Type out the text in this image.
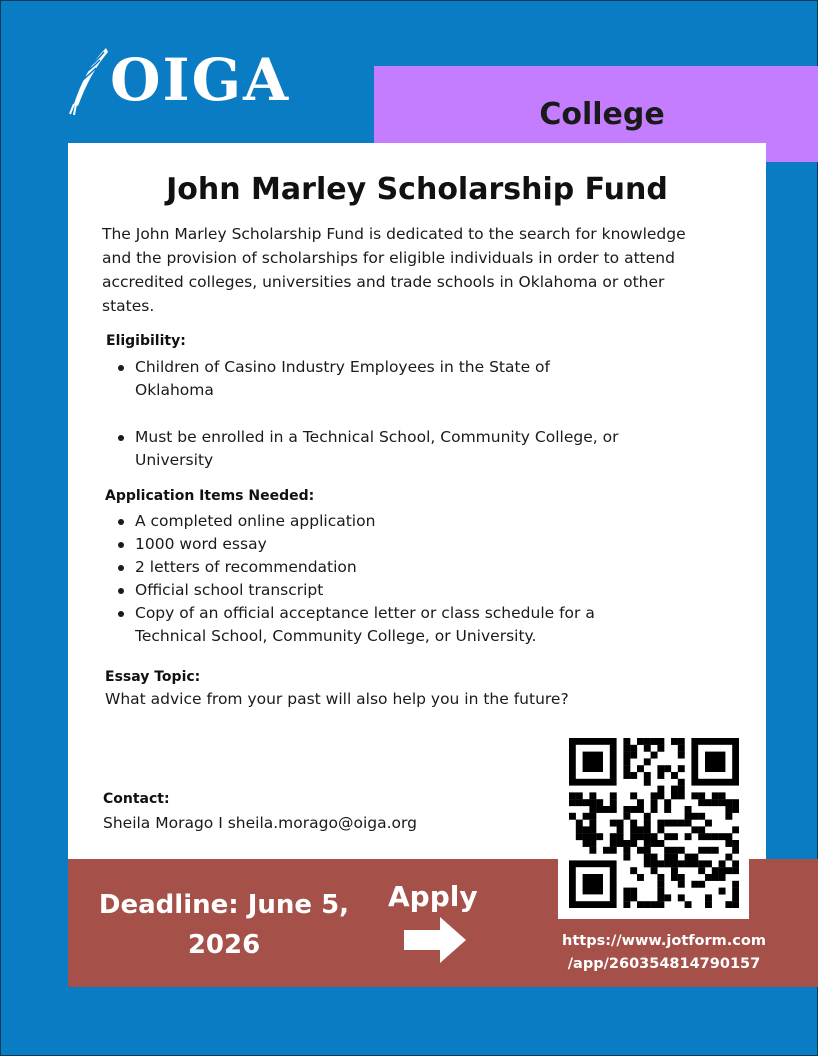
OIGA	College
John Marley Scholarship Fund
The John Marley Scholarship Fund is dedicated to the search for knowledge and the provision of scholarships for eligible individuals in order to attend accredited colleges, universities and trade schools in Oklahoma or other states.
Eligibility:
Children of Casino Industry Employees in the State of Oklahoma
Must be enrolled in a Technical School, Community College, or University
Application Items Needed:
A completed online application
1000 word essay
2 letters of recommendation
Official school transcript
Copy of an official acceptance letter or class schedule for a Technical School, Community College, or University.
Essay Topic:
What advice from your past will also help you in the future?
Contact:
Sheila Morago I sheila.morago@oiga.org
Deadline: June 5, 2026
Apply
https://www.jotform.com /app/260354814790157
